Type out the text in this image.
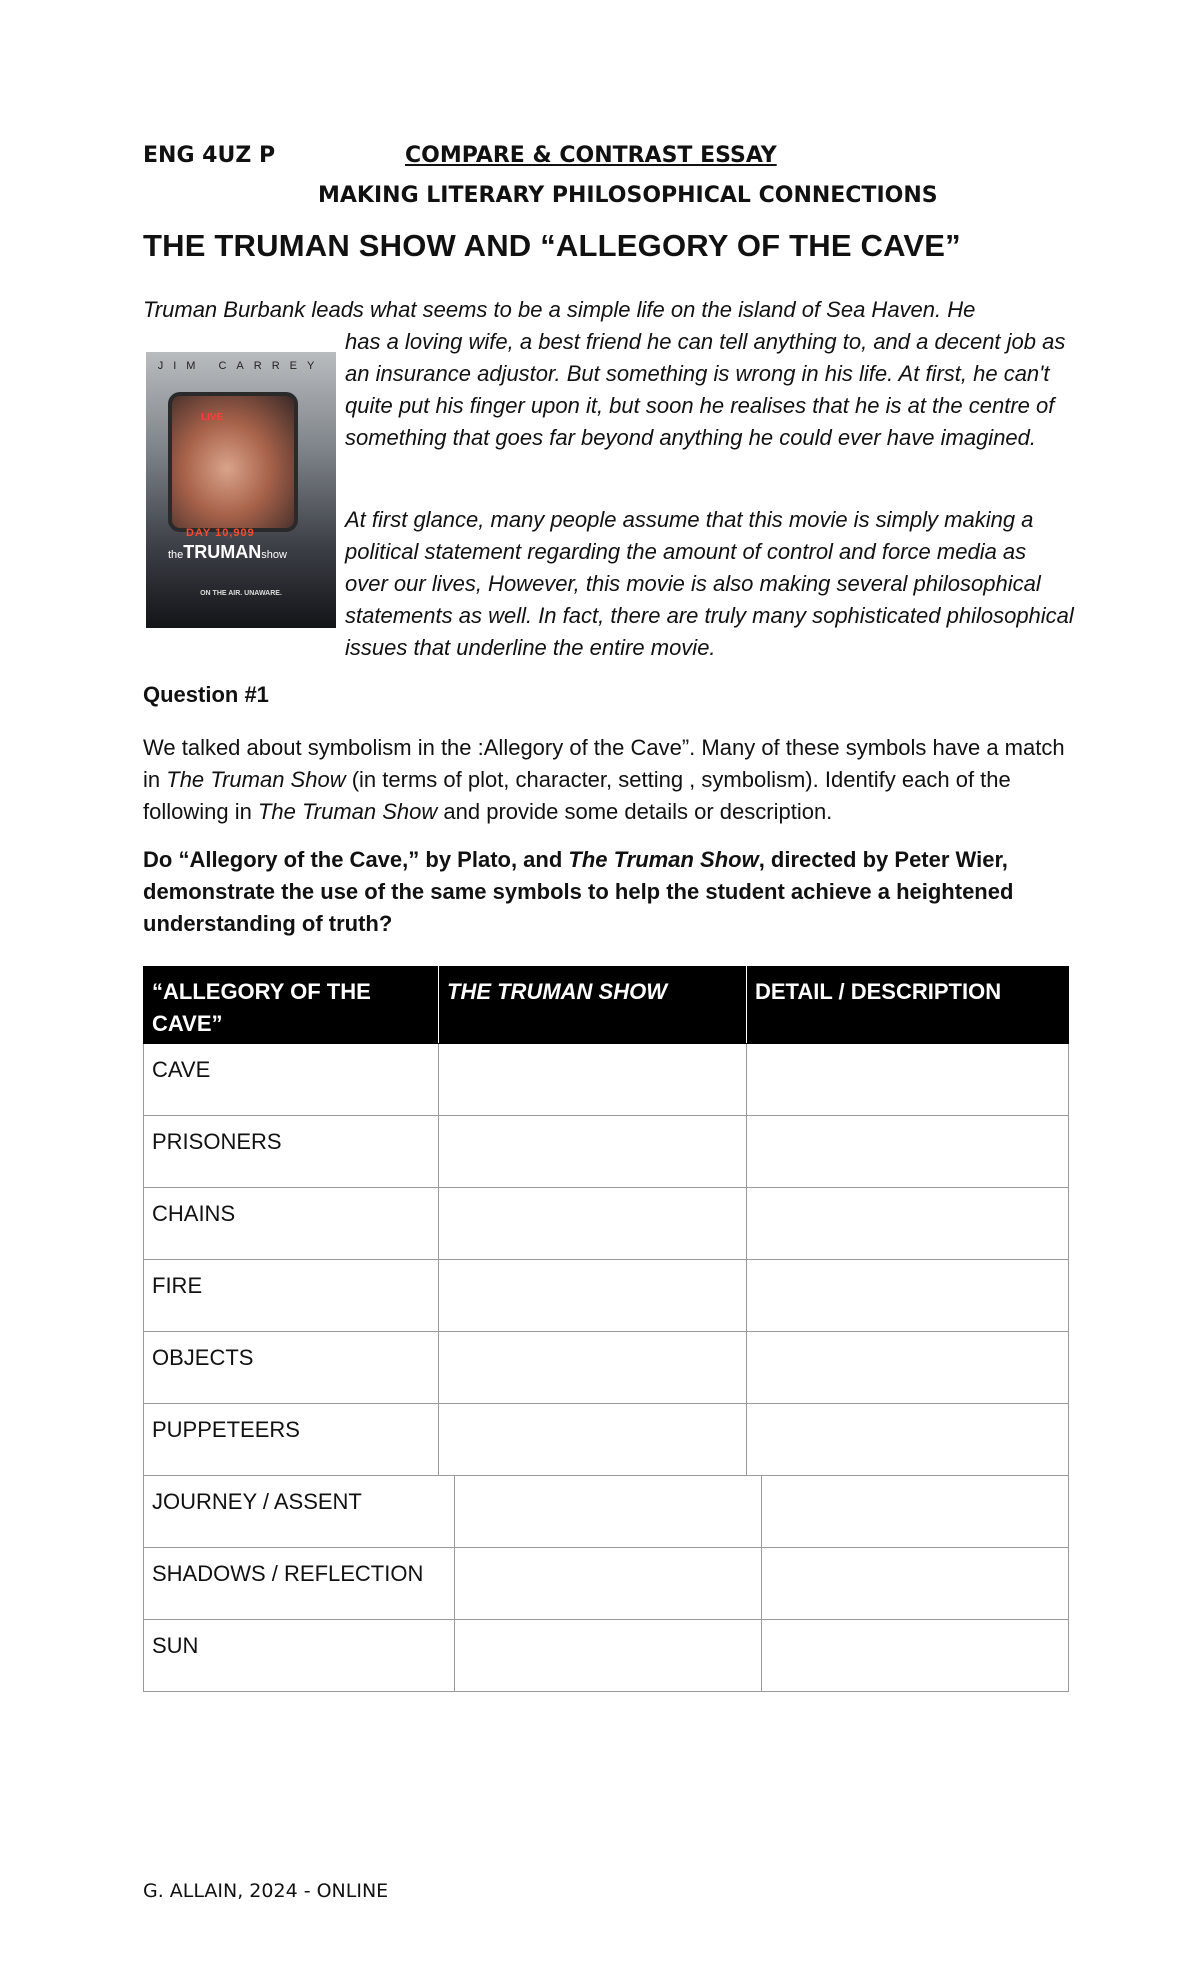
ENG 4UZ P	COMPARE & CONTRAST ESSAY
MAKING LITERARY PHILOSOPHICAL CONNECTIONS
THE TRUMAN SHOW AND “ALLEGORY OF THE CAVE”
Truman Burbank leads what seems to be a simple life on the island of Sea Haven. He
has a loving wife, a best friend he can tell anything to, and a decent job as an insurance adjustor. But something is wrong in his life. At first, he can't quite put his finger upon it, but soon he realises that he is at the centre of something that goes far beyond anything he could ever have imagined.
At first glance, many people assume that this movie is simply making a political statement regarding the amount of control and force media as over our lives, However, this movie is also making several philosophical statements as well. In fact, there are truly many sophisticated philosophical issues that underline the entire movie.
JIM CARREY
LIVE
DAY 10,909
theTRUMANshow
ON THE AIR. UNAWARE.
Question #1
We talked about symbolism in the :Allegory of the Cave”. Many of these symbols have a match in The Truman Show (in terms of plot, character, setting , symbolism). Identify each of the following in The Truman Show and provide some details or description.
Do “Allegory of the Cave,” by Plato, and The Truman Show, directed by Peter Wier, demonstrate the use of the same symbols to help the student achieve a heightened understanding of truth?
“ALLEGORY OF THE CAVE”
THE TRUMAN SHOW	DETAIL / DESCRIPTION
CAVE
PRISONERS
CHAINS
FIRE
OBJECTS
PUPPETEERS
JOURNEY / ASSENT
SHADOWS / REFLECTION
SUN
G. ALLAIN, 2024 - ONLINE
